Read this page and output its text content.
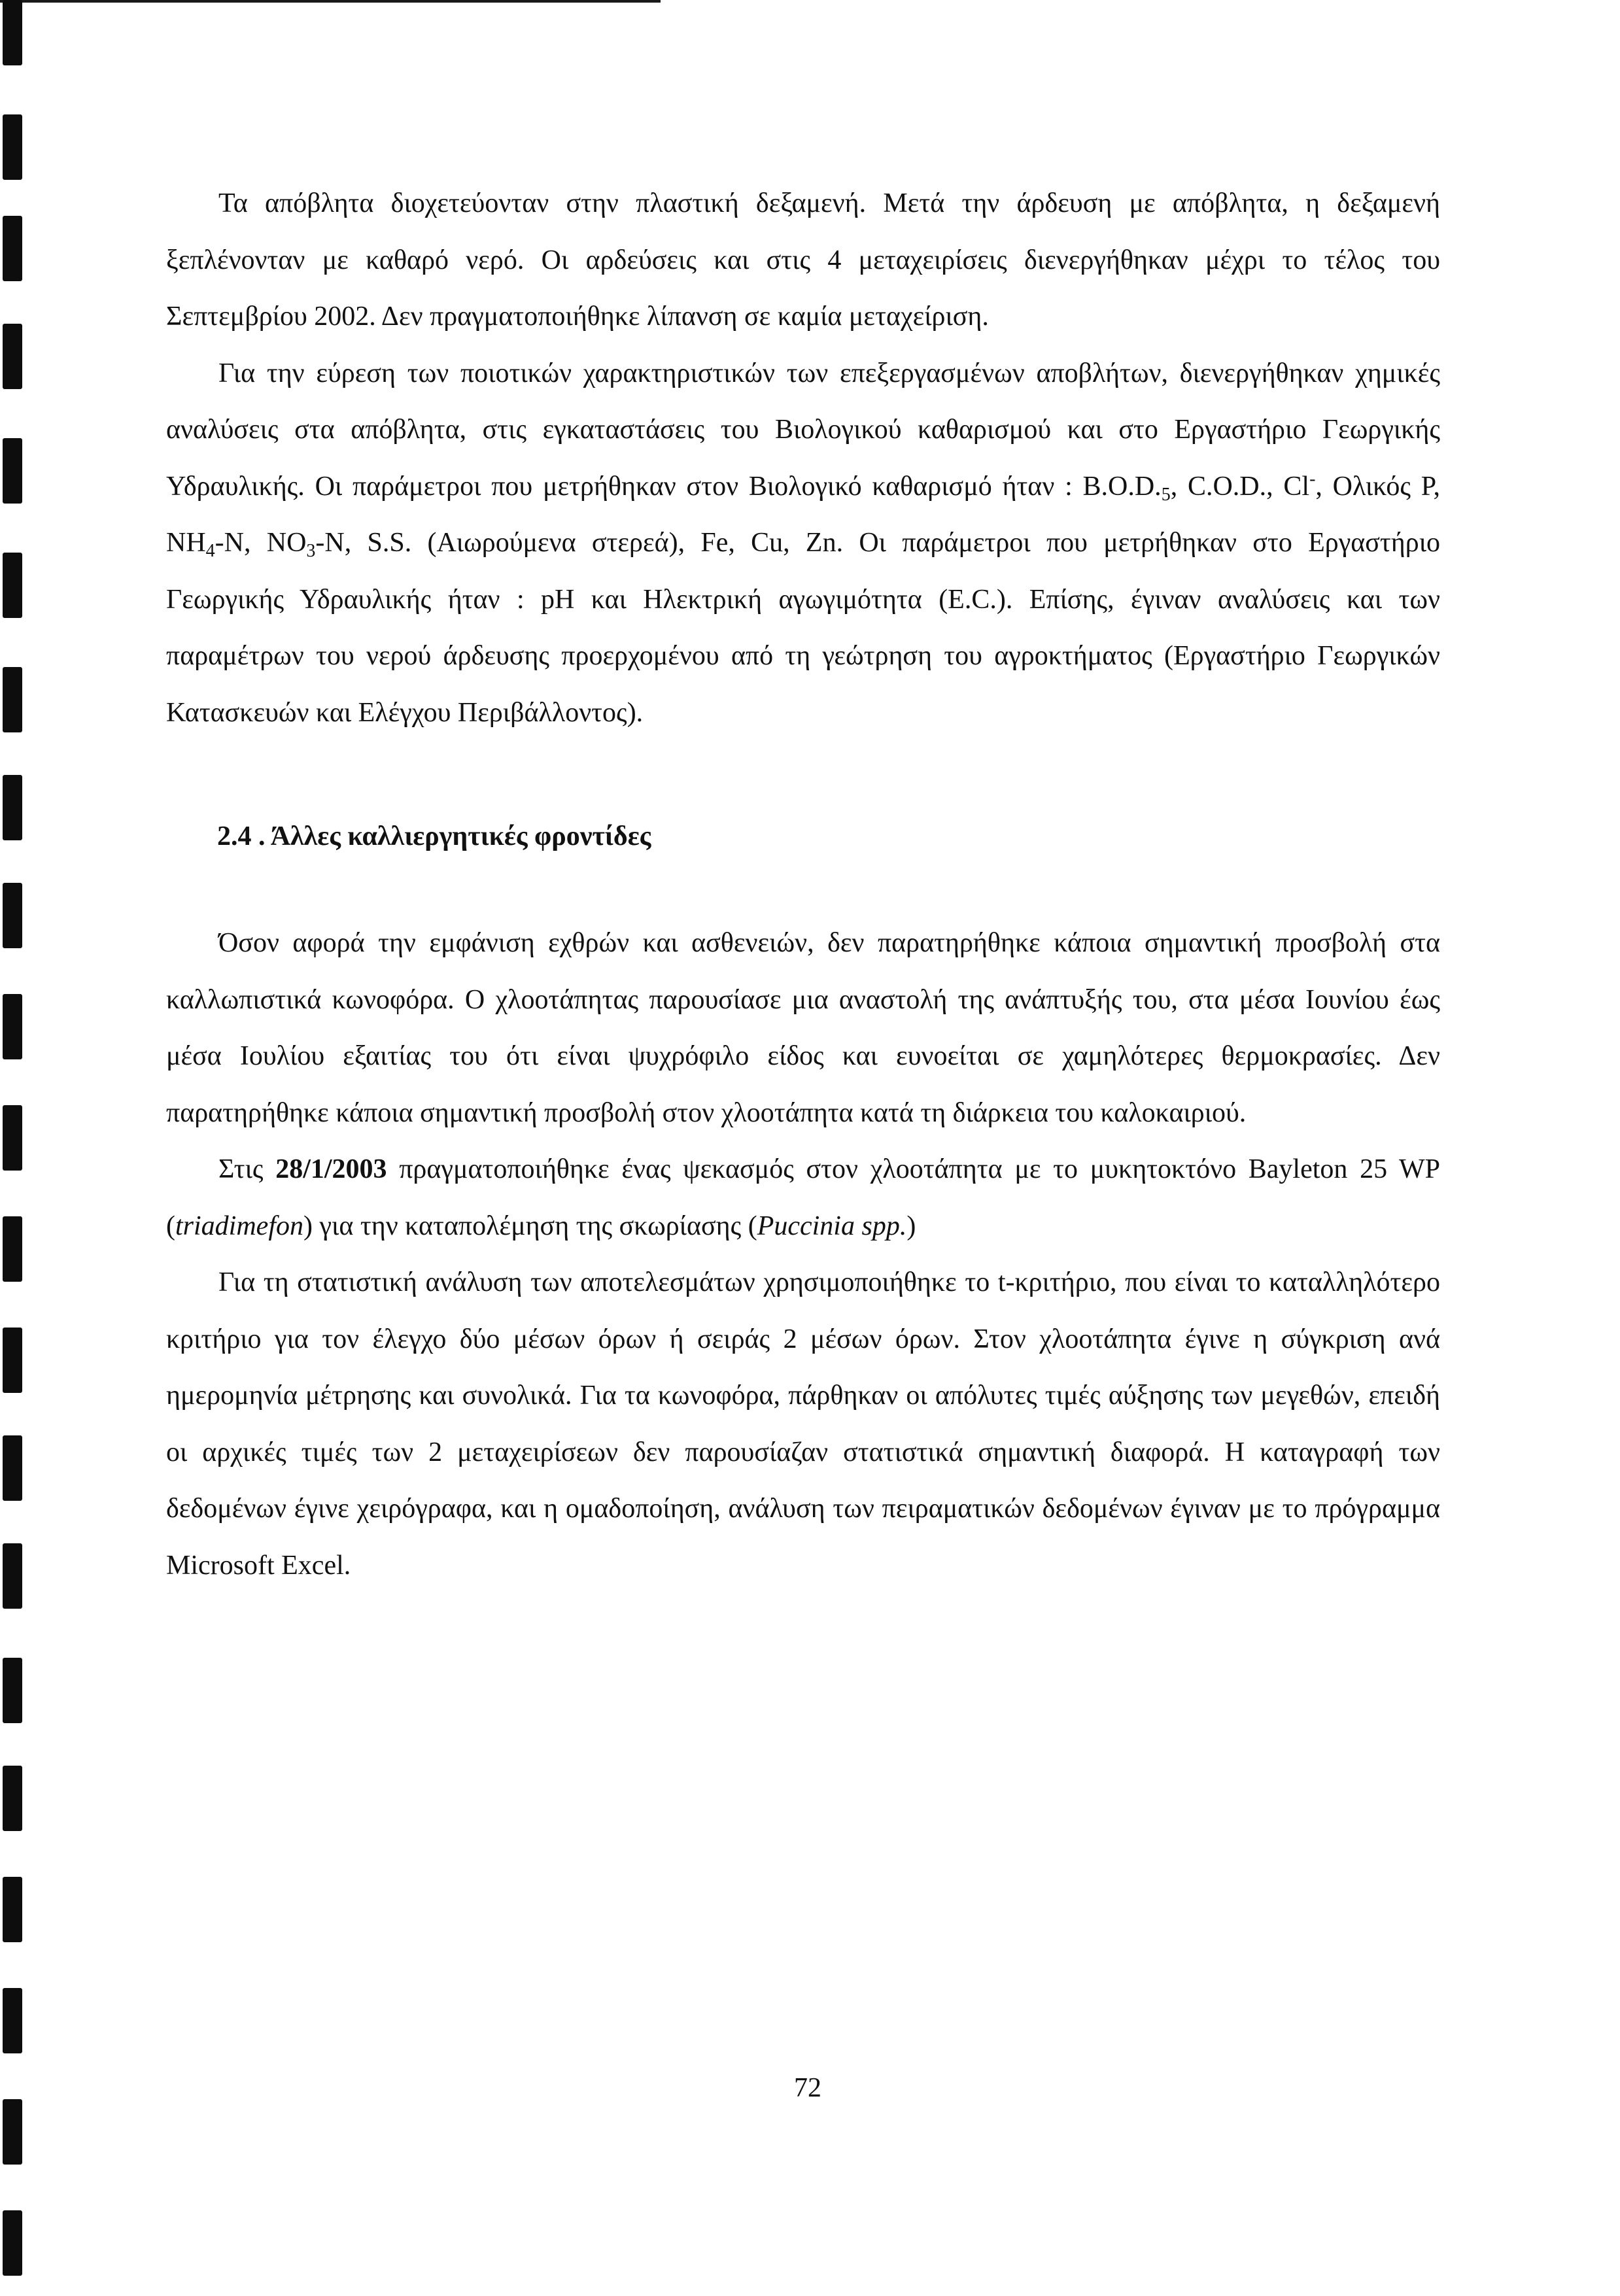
Τα απόβλητα διοχετεύονταν στην πλαστική δεξαμενή. Μετά την άρδευση με απόβλητα, η δεξαμενή ξεπλένονταν με καθαρό νερό. Οι αρδεύσεις και στις 4 μεταχειρίσεις διενεργήθηκαν μέχρι το τέλος του Σεπτεμβρίου 2002. Δεν πραγματοποιήθηκε λίπανση σε καμία μεταχείριση.

Για την εύρεση των ποιοτικών χαρακτηριστικών των επεξεργασμένων αποβλήτων, διενεργήθηκαν χημικές αναλύσεις στα απόβλητα, στις εγκαταστάσεις του Βιολογικού καθαρισμού και στο Εργαστήριο Γεωργικής Υδραυλικής. Οι παράμετροι που μετρήθηκαν στον Βιολογικό καθαρισμό ήταν : $B.O.D._5$, C.O.D., Cl-, Ολικός P, $NH_4-N$, $NO_3-N$, S.S. (Αιωρούμενα στερεά), Fe, Cu, Zn. Οι παράμετροι που μετρήθηκαν στο Εργαστήριο Γεωργικής Υδραυλικής ήταν : pH και Ηλεκτρική αγωγιμότητα (E.C.). Επίσης, έγιναν αναλύσεις και των παραμέτρων του νερού άρδευσης προερχομένου από τη γεώτρηση του αγροκτήματος (Εργαστήριο Γεωργικών Κατασκευών και Ελέγχου Περιβάλλοντος).

2.4 . Άλλες καλλιεργητικές φροντίδες

Όσον αφορά την εμφάνιση εχθρών και ασθενειών, δεν παρατηρήθηκε κάποια σημαντική προσβολή στα καλλωπιστικά κωνοφόρα. Ο χλοοτάπητας παρουσίασε μια αναστολή της ανάπτυξής του, στα μέσα Ιουνίου έως μέσα Ιουλίου εξαιτίας του ότι είναι ψυχρόφιλο είδος και ευνοείται σε χαμηλότερες θερμοκρασίες. Δεν παρατηρήθηκε κάποια σημαντική προσβολή στον χλοοτάπητα κατά τη διάρκεια του καλοκαιριού.

Στις 28/1/2003 πραγματοποιήθηκε ένας ψεκασμός στον χλοοτάπητα με το μυκητοκτόνο Bayleton 25 WP (triadimefon) για την καταπολέμηση της σκωρίασης (Puccinia spp.)

Για τη στατιστική ανάλυση των αποτελεσμάτων χρησιμοποιήθηκε το t-κριτήριο, που είναι το καταλληλότερο κριτήριο για τον έλεγχο δύο μέσων όρων ή σειράς 2 μέσων όρων. Στον χλοοτάπητα έγινε η σύγκριση ανά ημερομηνία μέτρησης και συνολικά. Για τα κωνοφόρα, πάρθηκαν οι απόλυτες τιμές αύξησης των μεγεθών, επειδή οι αρχικές τιμές των 2 μεταχειρίσεων δεν παρουσίαζαν στατιστικά σημαντική διαφορά. Η καταγραφή των δεδομένων έγινε χειρόγραφα, και η ομαδοποίηση, ανάλυση των πειραματικών δεδομένων έγιναν με το πρόγραμμα Microsoft Excel.

72
